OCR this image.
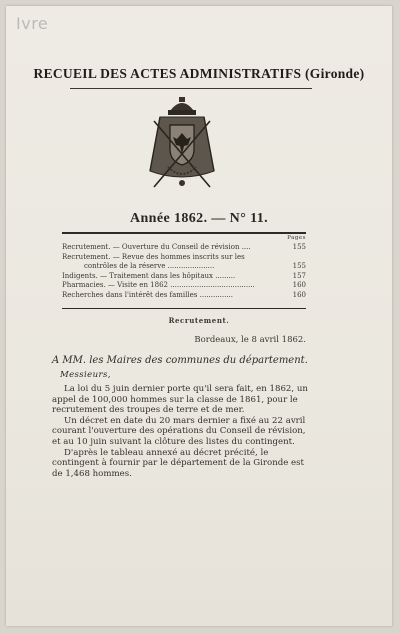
Ivre
RECUEIL DES ACTES ADMINISTRATIFS (Gironde)
Année 1862. — N° 11.
Pages
Recrutement. — Ouverture du Conseil de révision ....	155
Recrutement. — Revue des hommes inscrits sur les
contrôles de la réserve .....................	155
Indigents. — Traitement dans les hôpitaux .........	157
Pharmacies. — Visite en 1862 ......................................	160
Recherches dans l'intérêt des familles ...............	160
Recrutement.
Bordeaux, le 8 avril 1862.
A MM. les Maires des communes du département.
Messieurs,

La loi du 5 juin dernier porte qu'il sera fait, en 1862, un appel de 100,000 hommes sur la classe de 1861, pour le recrutement des troupes de terre et de mer.

Un décret en date du 20 mars dernier a fixé au 22 avril courant l'ouverture des opérations du Conseil de révision, et au 10 juin suivant la clôture des listes du contingent.

D'après le tableau annexé au décret précité, le contingent à fournir par le département de la Gironde est de 1,468 hommes.
